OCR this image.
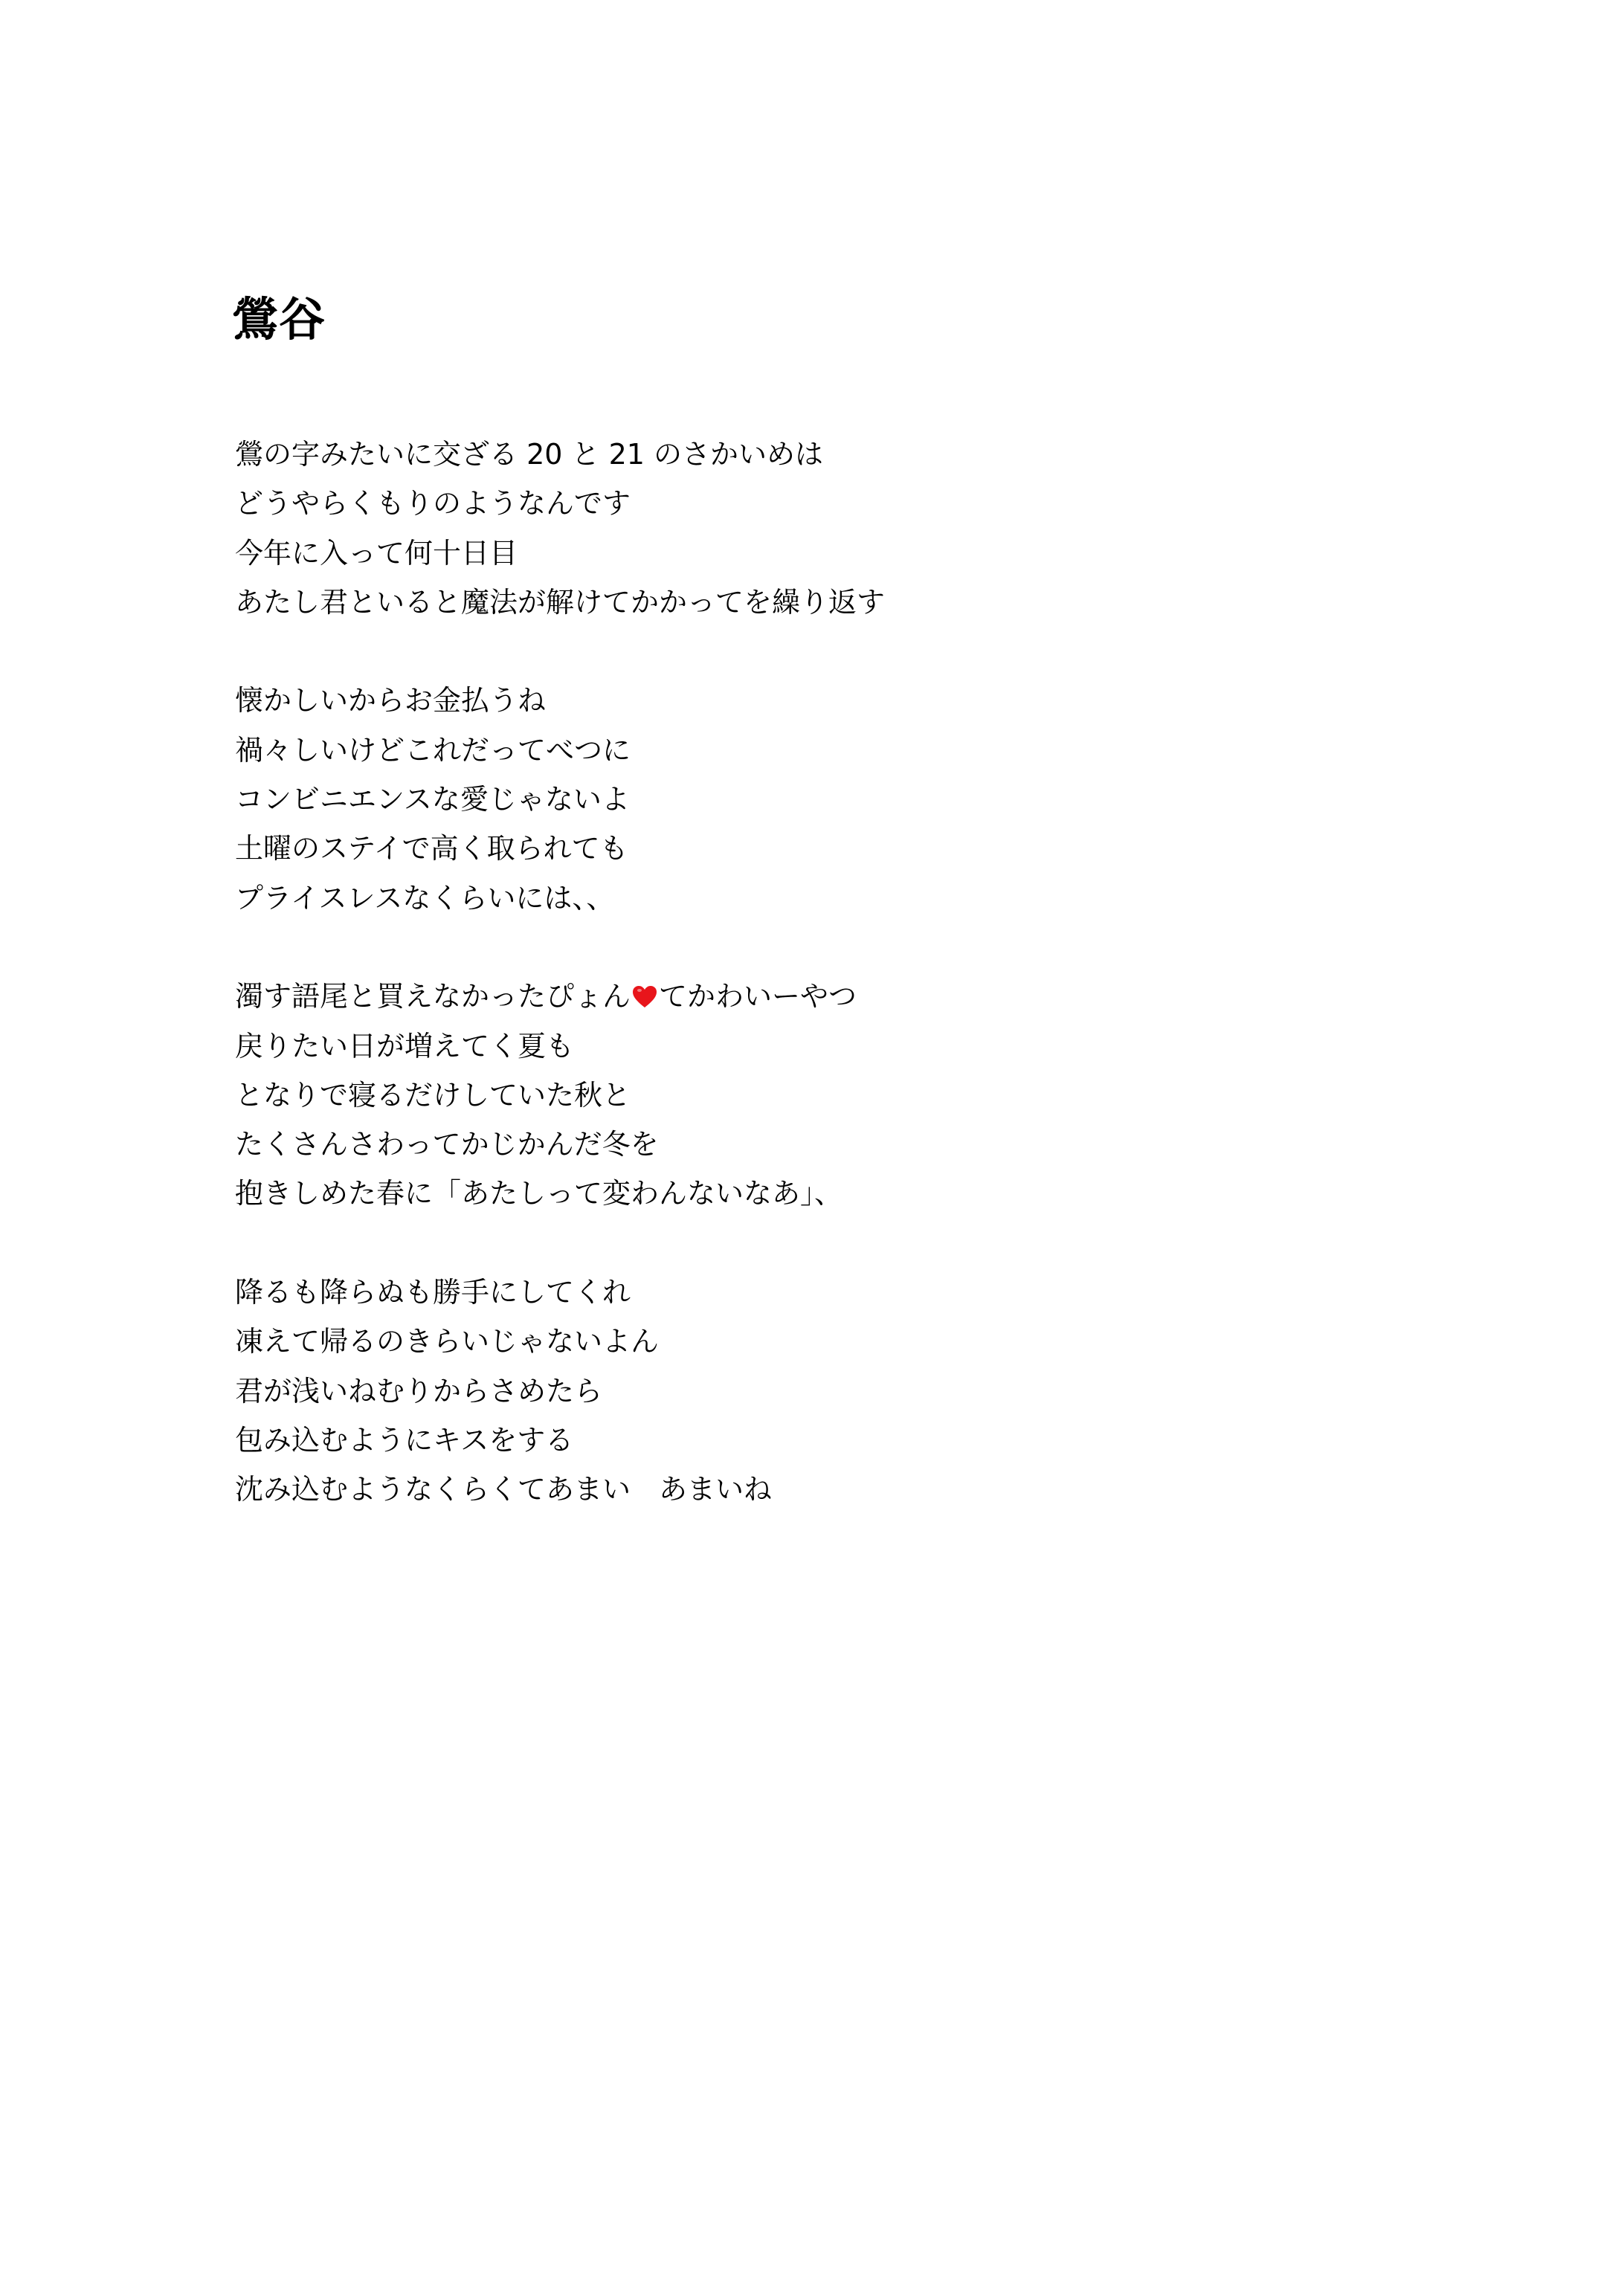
鶯谷
鶯の字みたいに交ざる 20 と 21 のさかいめは
どうやらくもりのようなんです
今年に入って何十日目
あたし君といると魔法が解けてかかってを繰り返す
懐かしいからお金払うね
禍々しいけどこれだってべつに
コンビニエンスな愛じゃないよ
土曜のステイで高く取られても
プライスレスなくらいには、、
濁す語尾と買えなかったぴょん てかわいーやつ
戻りたい日が増えてく夏も
となりで寝るだけしていた秋と
たくさんさわってかじかんだ冬を
抱きしめた春に「あたしって変わんないなあ」、
降るも降らぬも勝手にしてくれ
凍えて帰るのきらいじゃないよん
君が浅いねむりからさめたら
包み込むようにキスをする
沈み込むようなくらくてあまい　あまいね
